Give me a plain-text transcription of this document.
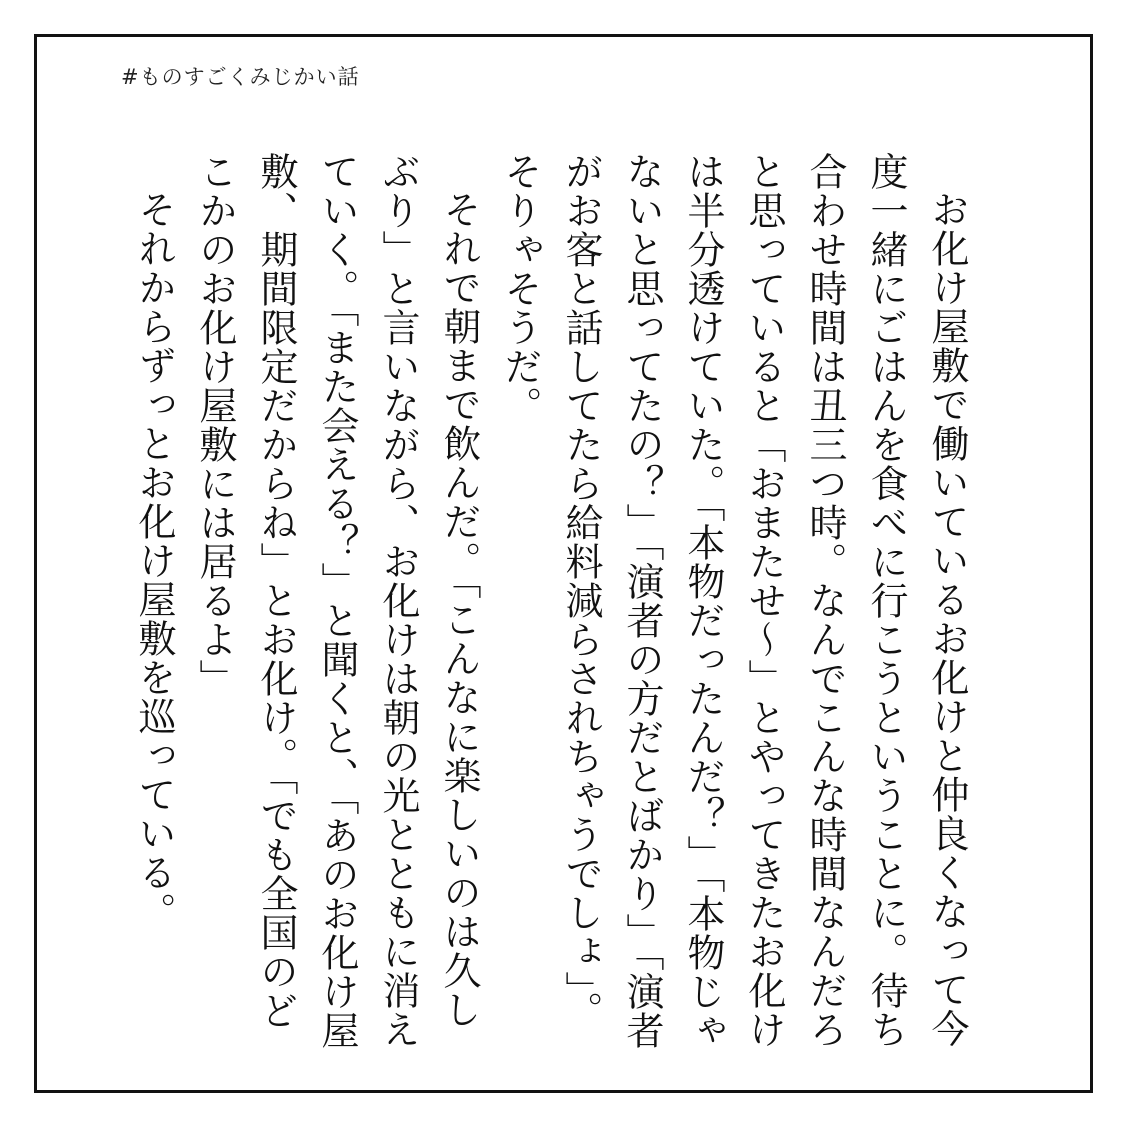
#ものすごくみじかい話

お化け屋敷で働いているお化けと仲良くなって今度一緒にごはんを食べに行こうということに。待ち合わせ時間は丑三つ時。なんでこんな時間なんだろと思っていると「おまたせ〜」とやってきたお化けは半分透けていた。「本物だったんだ？」「本物じゃないと思ってたの？」「演者の方だとばかり」「演者がお客と話してたら給料減らされちゃうでしょ」。そりゃそうだ。

それで朝まで飲んだ。「こんなに楽しいのは久しぶり」と言いながら、お化けは朝の光とともに消えていく。「また会える？」と聞くと、「あのお化け屋敷、期間限定だからね」とお化け。「でも全国のどこかのお化け屋敷には居るよ」

それからずっとお化け屋敷を巡っている。
